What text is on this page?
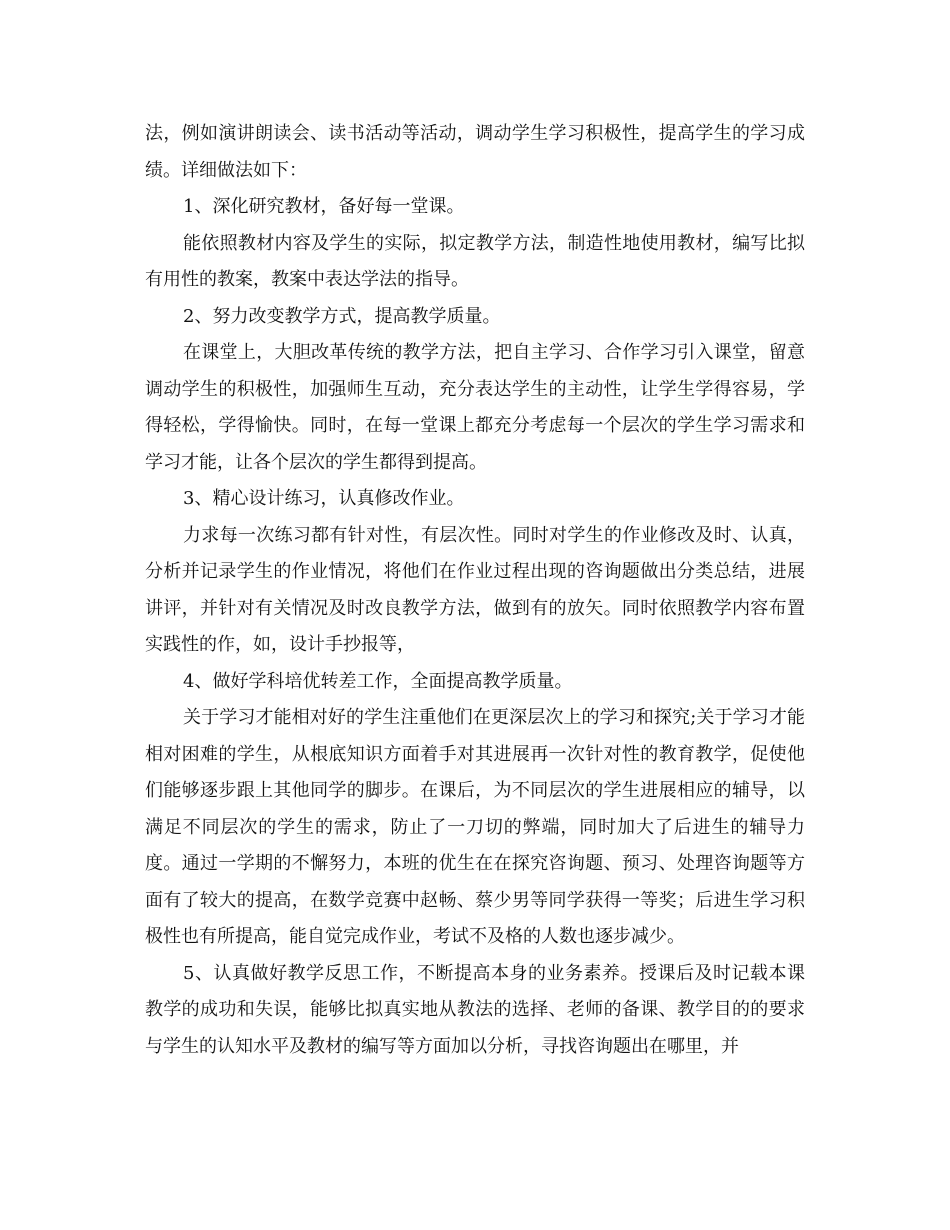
法，例如演讲朗读会、读书活动等活动，调动学生学习积极性，提高学生的学习成绩。详细做法如下：

1、深化研究教材，备好每一堂课。

能依照教材内容及学生的实际，拟定教学方法，制造性地使用教材，编写比拟有用性的教案，教案中表达学法的指导。

2、努力改变教学方式，提高教学质量。

在课堂上，大胆改革传统的教学方法，把自主学习、合作学习引入课堂，留意调动学生的积极性，加强师生互动，充分表达学生的主动性，让学生学得容易，学得轻松，学得愉快。同时，在每一堂课上都充分考虑每一个层次的学生学习需求和学习才能，让各个层次的学生都得到提高。

3、精心设计练习，认真修改作业。

力求每一次练习都有针对性，有层次性。同时对学生的作业修改及时、认真，分析并记录学生的作业情况，将他们在作业过程出现的咨询题做出分类总结，进展讲评，并针对有关情况及时改良教学方法，做到有的放矢。同时依照教学内容布置实践性的作，如，设计手抄报等，

4、做好学科培优转差工作，全面提高教学质量。

关于学习才能相对好的学生注重他们在更深层次上的学习和探究;关于学习才能相对困难的学生，从根底知识方面着手对其进展再一次针对性的教育教学，促使他们能够逐步跟上其他同学的脚步。在课后，为不同层次的学生进展相应的辅导，以满足不同层次的学生的需求，防止了一刀切的弊端，同时加大了后进生的辅导力度。通过一学期的不懈努力，本班的优生在在探究咨询题、预习、处理咨询题等方面有了较大的提高，在数学竞赛中赵畅、蔡少男等同学获得一等奖；后进生学习积极性也有所提高，能自觉完成作业，考试不及格的人数也逐步减少。

5、认真做好教学反思工作，不断提高本身的业务素养。授课后及时记载本课教学的成功和失误，能够比拟真实地从教法的选择、老师的备课、教学目的的要求与学生的认知水平及教材的编写等方面加以分析，寻找咨询题出在哪里，并
